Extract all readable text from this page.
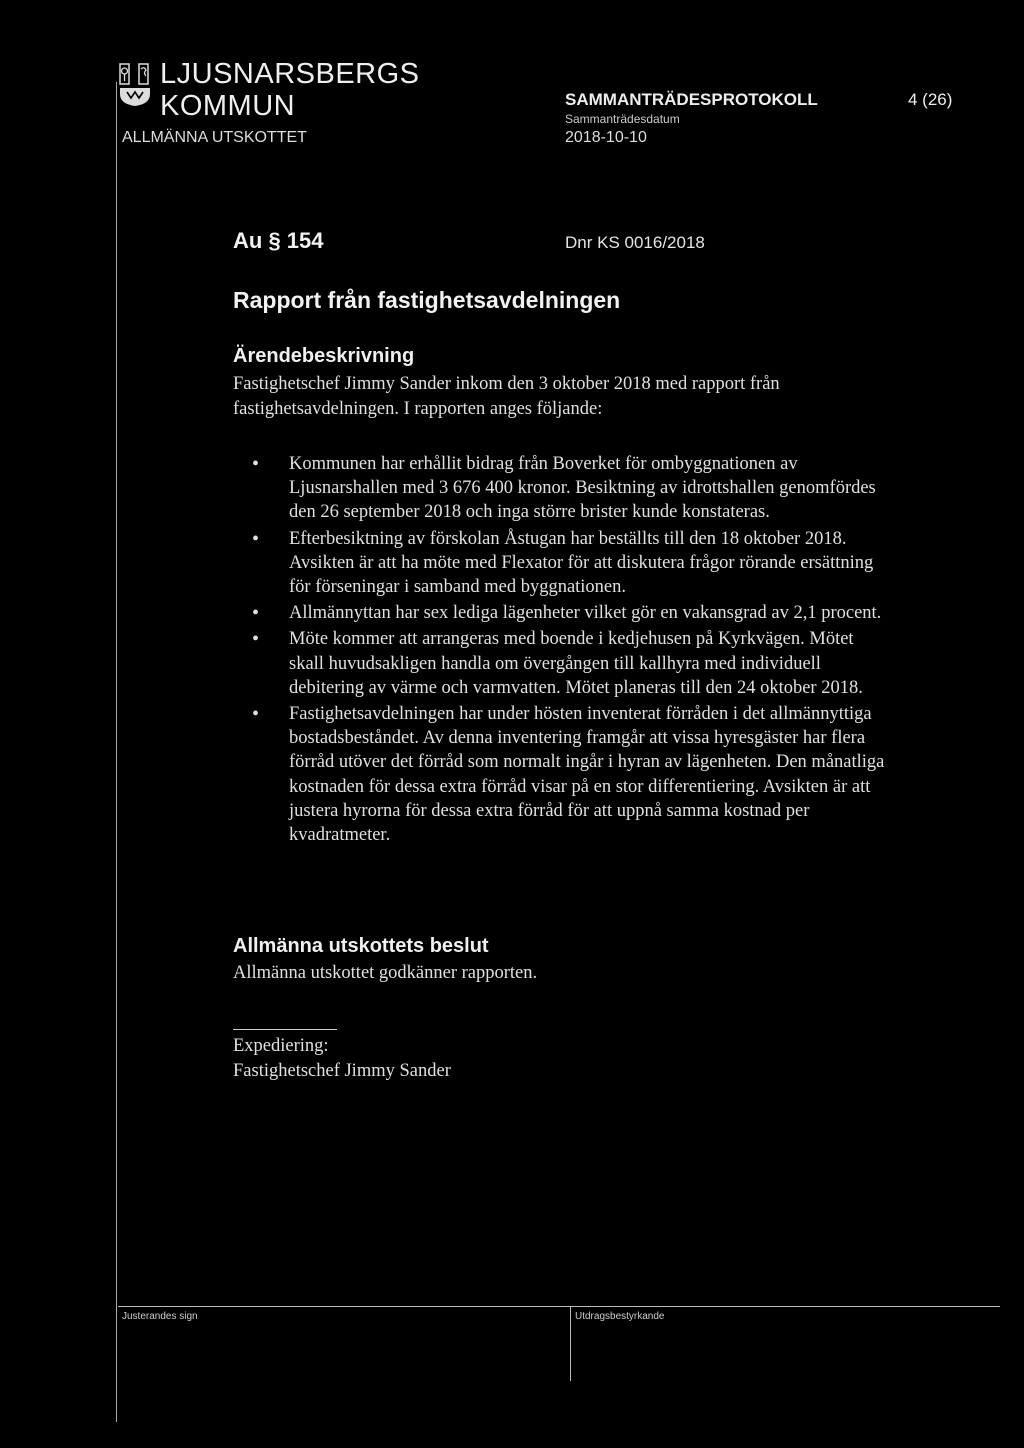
LJUSNARSBERGS
KOMMUN
ALLMÄNNA UTSKOTTET
SAMMANTRÄDESPROTOKOLL	4 (26)
Sammanträdesdatum
2018-10-10
Au § 154	Dnr KS 0016/2018
Rapport från fastighetsavdelningen
Ärendebeskrivning
Fastighetschef Jimmy Sander inkom den 3 oktober 2018 med rapport från fastighetsavdelningen. I rapporten anges följande:
• Kommunen har erhållit bidrag från Boverket för ombyggnationen av Ljusnarshallen med 3 676 400 kronor. Besiktning av idrottshallen genomfördes den 26 september 2018 och inga större brister kunde konstateras.
• Efterbesiktning av förskolan Åstugan har beställts till den 18 oktober 2018. Avsikten är att ha möte med Flexator för att diskutera frågor rörande ersättning för förseningar i samband med byggnationen.
• Allmännyttan har sex lediga lägenheter vilket gör en vakansgrad av 2,1 procent.
• Möte kommer att arrangeras med boende i kedjehusen på Kyrkvägen. Mötet skall huvudsakligen handla om övergången till kallhyra med individuell debitering av värme och varmvatten. Mötet planeras till den 24 oktober 2018.
• Fastighetsavdelningen har under hösten inventerat förråden i det allmännyttiga bostadsbeståndet. Av denna inventering framgår att vissa hyresgäster har flera förråd utöver det förråd som normalt ingår i hyran av lägenheten. Den månatliga kostnaden för dessa extra förråd visar på en stor differentiering. Avsikten är att justera hyrorna för dessa extra förråd för att uppnå samma kostnad per kvadratmeter.
Allmänna utskottets beslut
Allmänna utskottet godkänner rapporten.
Expediering:
Fastighetschef Jimmy Sander
Justerandes sign	Utdragsbestyrkande
